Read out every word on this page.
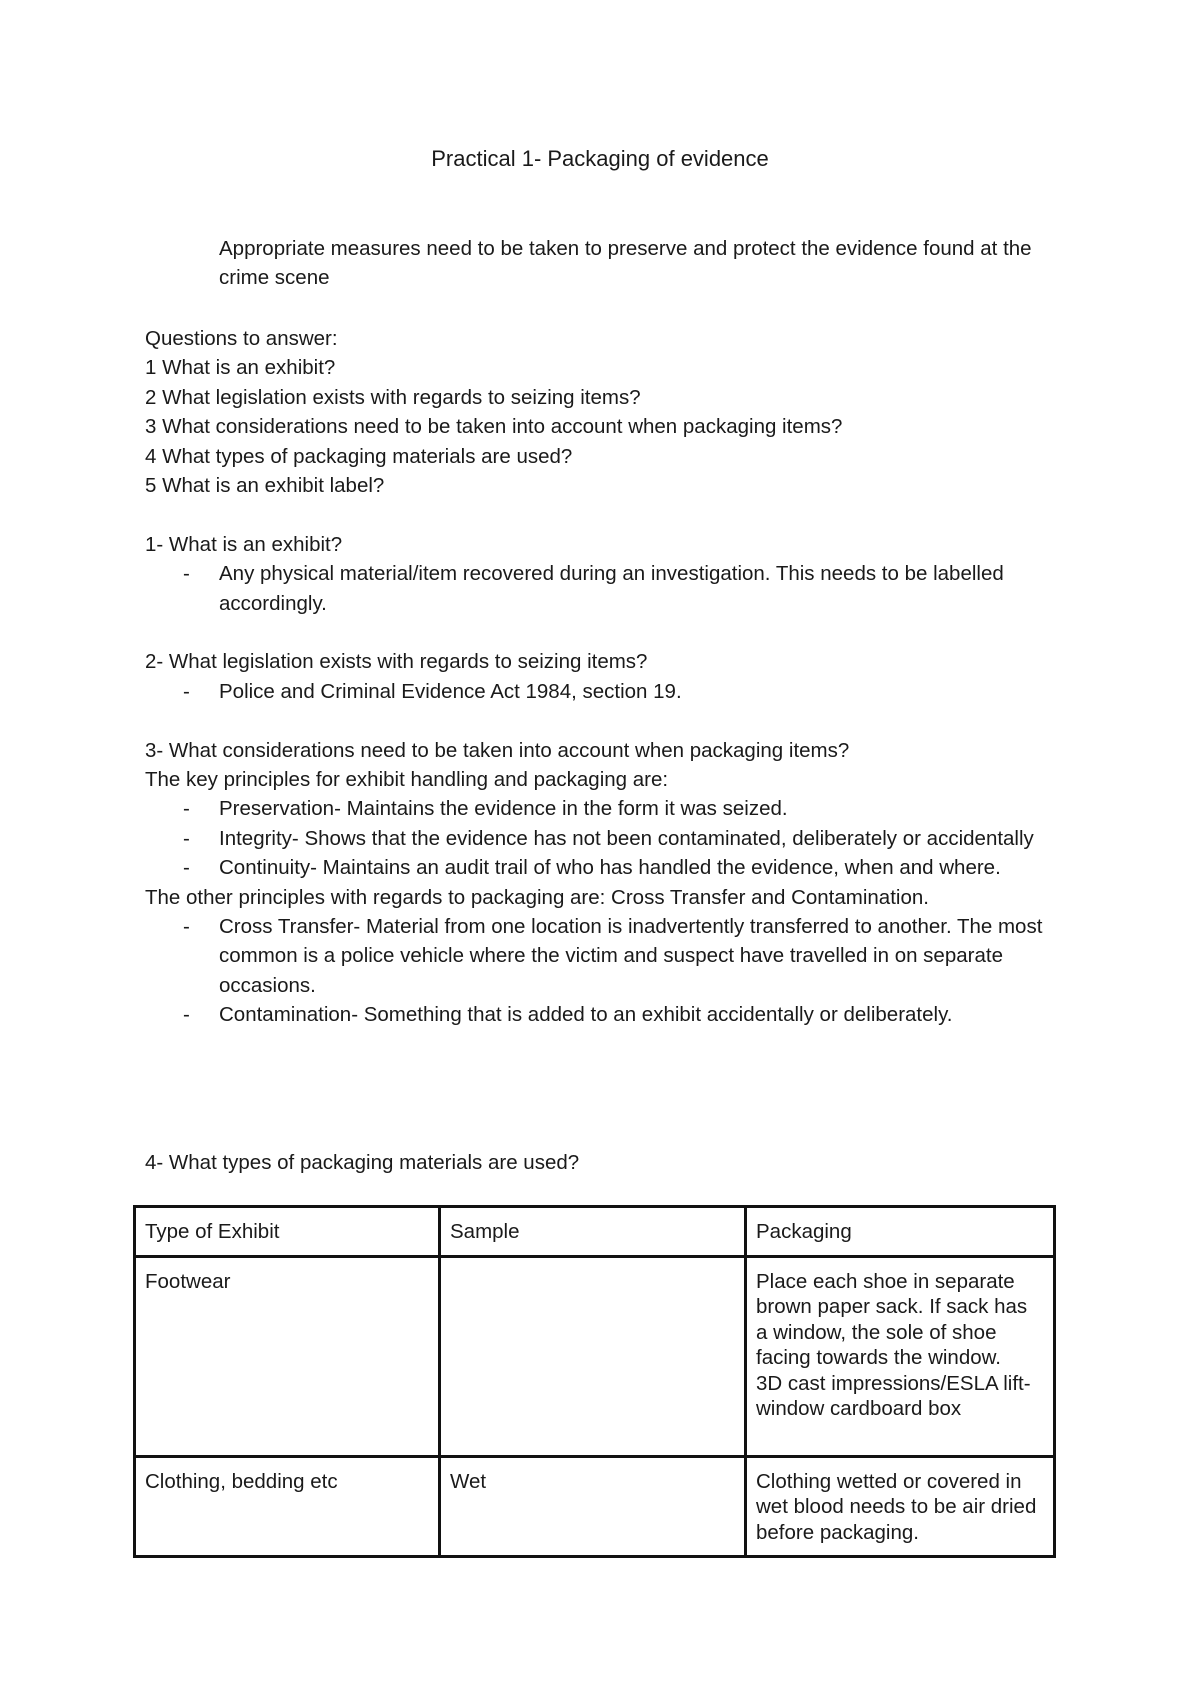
Practical 1- Packaging of evidence
Appropriate measures need to be taken to preserve and protect the evidence found at the crime scene
Questions to answer:
1 What is an exhibit?
2 What legislation exists with regards to seizing items?
3 What considerations need to be taken into account when packaging items?
4 What types of packaging materials are used?
5 What is an exhibit label?
1- What is an exhibit?
- Any physical material/item recovered during an investigation. This needs to be labelled accordingly.
2- What legislation exists with regards to seizing items?
- Police and Criminal Evidence Act 1984, section 19.
3- What considerations need to be taken into account when packaging items?
The key principles for exhibit handling and packaging are:
- Preservation- Maintains the evidence in the form it was seized.
- Integrity- Shows that the evidence has not been contaminated, deliberately or accidentally
- Continuity- Maintains an audit trail of who has handled the evidence, when and where.
The other principles with regards to packaging are: Cross Transfer and Contamination.
- Cross Transfer- Material from one location is inadvertently transferred to another. The most common is a police vehicle where the victim and suspect have travelled in on separate occasions.
- Contamination- Something that is added to an exhibit accidentally or deliberately.
4- What types of packaging materials are used?
Type of Exhibit	Sample	Packaging
Footwear		Place each shoe in separate brown paper sack. If sack has a window, the sole of shoe facing towards the window.
3D cast impressions/ESLA lift- window cardboard box

Clothing, bedding etc	Wet	Clothing wetted or covered in wet blood needs to be air dried before packaging.
